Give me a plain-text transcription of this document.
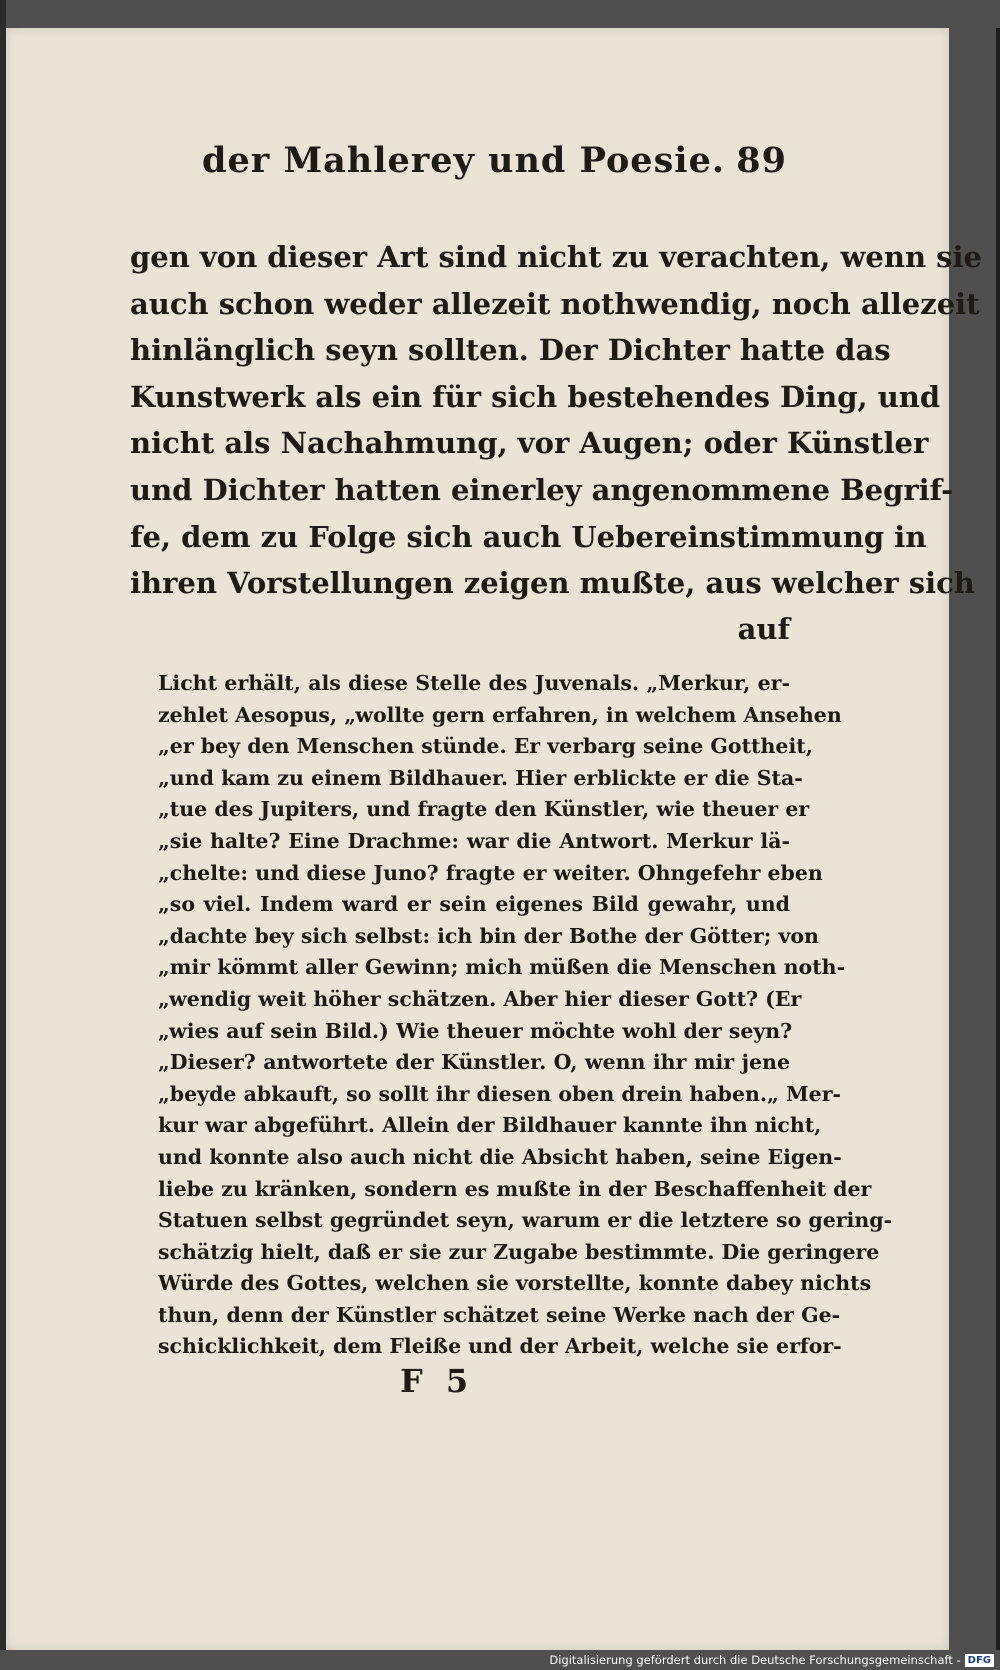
der Mahlerey und Poesie. 89
gen von dieser Art sind nicht zu verachten, wenn sie
auch schon weder allezeit nothwendig, noch allezeit
hinlänglich seyn sollten. Der Dichter hatte das
Kunstwerk als ein für sich bestehendes Ding, und
nicht als Nachahmung, vor Augen; oder Künstler
und Dichter hatten einerley angenommene Begrif-
fe, dem zu Folge sich auch Uebereinstimmung in
ihren Vorstellungen zeigen mußte, aus welcher sich
auf
Licht erhält, als diese Stelle des Juvenals. „Merkur, er-
zehlet Aesopus, „wollte gern erfahren, in welchem Ansehen
„er bey den Menschen stünde. Er verbarg seine Gottheit,
„und kam zu einem Bildhauer. Hier erblickte er die Sta-
„tue des Jupiters, und fragte den Künstler, wie theuer er
„sie halte? Eine Drachme: war die Antwort. Merkur lä-
„chelte: und diese Juno? fragte er weiter. Ohngefehr eben
„so viel. Indem ward er sein eigenes Bild gewahr, und
„dachte bey sich selbst: ich bin der Bothe der Götter; von
„mir kömmt aller Gewinn; mich müßen die Menschen noth-
„wendig weit höher schätzen. Aber hier dieser Gott? (Er
„wies auf sein Bild.) Wie theuer möchte wohl der seyn?
„Dieser? antwortete der Künstler. O, wenn ihr mir jene
„beyde abkauft, so sollt ihr diesen oben drein haben.„ Mer-
kur war abgeführt. Allein der Bildhauer kannte ihn nicht,
und konnte also auch nicht die Absicht haben, seine Eigen-
liebe zu kränken, sondern es mußte in der Beschaffenheit der
Statuen selbst gegründet seyn, warum er die letztere so gering-
schätzig hielt, daß er sie zur Zugabe bestimmte. Die geringere
Würde des Gottes, welchen sie vorstellte, konnte dabey nichts
thun, denn der Künstler schätzet seine Werke nach der Ge-
schicklichkeit, dem Fleiße und der Arbeit, welche sie erfor-
F 5
Digitalisierung gefördert durch die Deutsche Forschungsgemeinschaft - DFG
